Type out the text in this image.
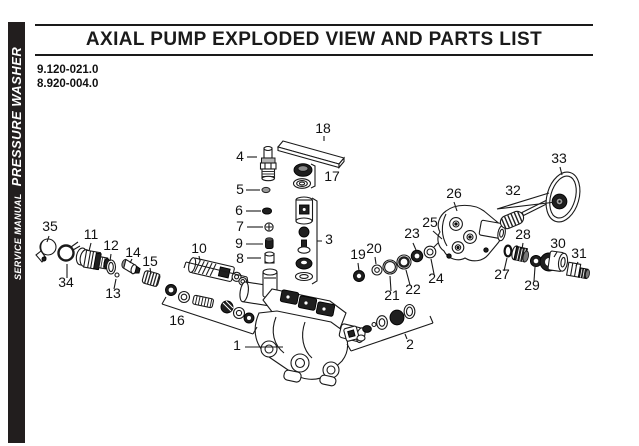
SERVICE MANUALPRESSURE WASHER
AXIAL PUMP EXPLODED VIEW AND PARTS LIST
9.120-021.0
8.920-004.0
1	2
3
4
5
6
7
8
9
10
11
12
13
14
15
16
17
18
19 20
21 22
23
24
25
26
27
28
29
30
31
32
33
34
35
